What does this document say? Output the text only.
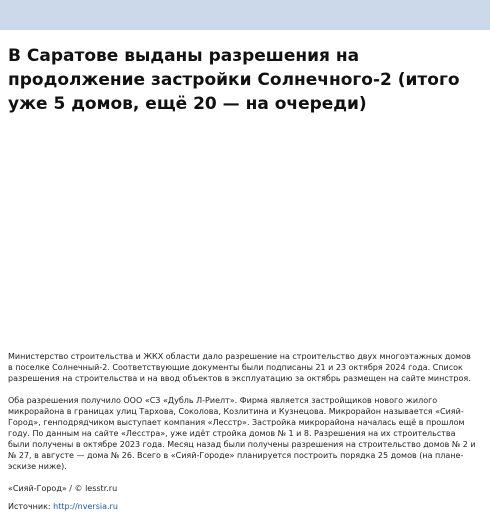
В Саратове выданы разрешения на продолжение застройки Солнечного-2 (итого уже 5 домов, ещё 20 — на очереди)

Министерство строительства и ЖКХ области дало разрешение на строительство двух многоэтажных домов в поселке Солнечный-2. Соответствующие документы были подписаны 21 и 23 октября 2024 года. Список разрешения на строительства и на ввод объектов в эксплуатацию за октябрь размещен на сайте минстроя.

Оба разрешения получило ООО «СЗ «Дубль Л-Риелт». Фирма является застройщиков нового жилого микрорайона в границах улиц Тархова, Соколова, Козлитина и Кузнецова. Микрорайон называется «Сияй-Город», генподрядчиком выступает компания «Лесстр». Застройка микрорайона началась ещё в прошлом году. По данным на сайте «Лесстра», уже идёт стройка домов № 1 и 8. Разрешения на их строительства были получены в октябре 2023 года. Месяц назад были получены разрешения на строительство домов № 2 и № 27, в августе — дома № 26. Всего в «Сияй-Городе» планируется построить порядка 25 домов (на плане-эскизе ниже).

«Сияй-Город» / © lesstr.ru

Источник: http://nversia.ru
